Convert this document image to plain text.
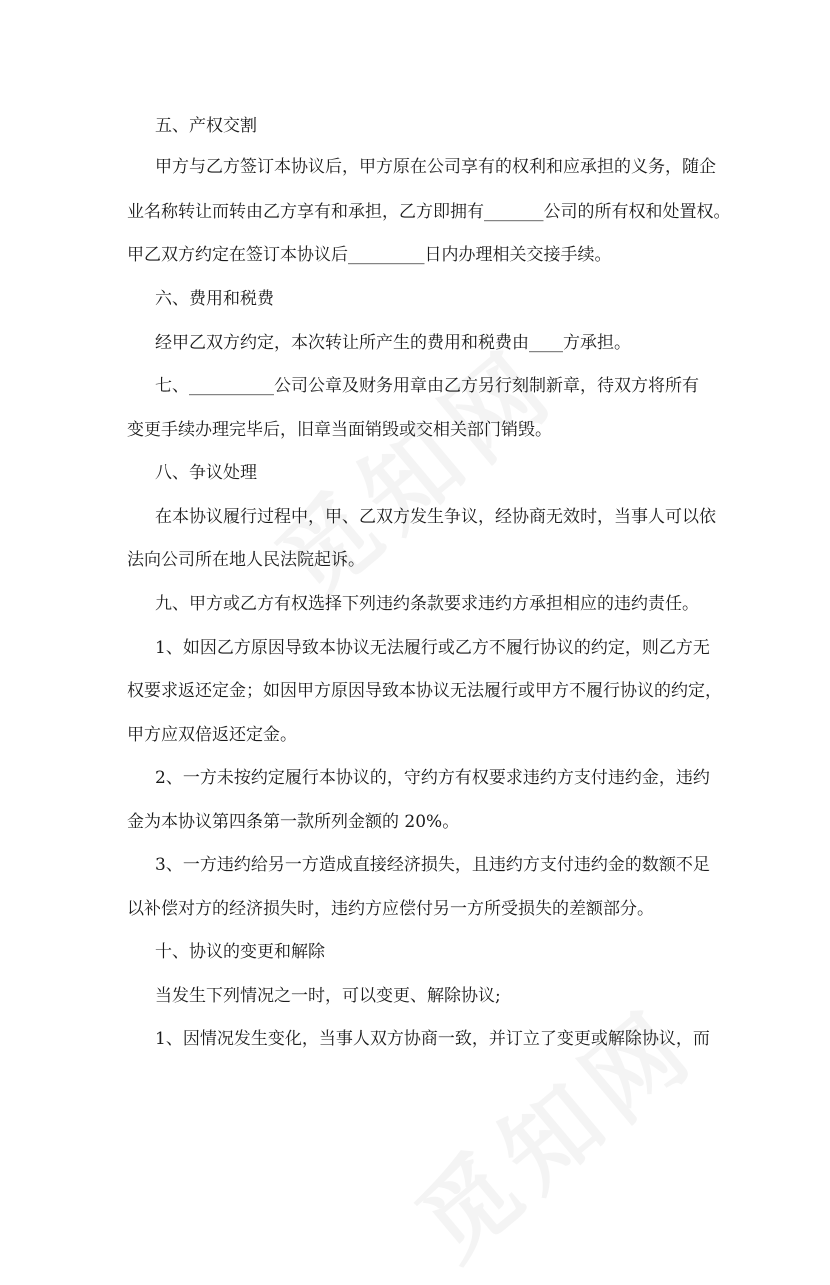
五、产权交割
甲方与乙方签订本协议后，甲方原在公司享有的权利和应承担的义务，随企
业名称转让而转由乙方享有和承担，乙方即拥有_______公司的所有权和处置权。
甲乙双方约定在签订本协议后_________日内办理相关交接手续。
六、费用和税费
经甲乙双方约定，本次转让所产生的费用和税费由____方承担。
七、__________公司公章及财务用章由乙方另行刻制新章，待双方将所有
变更手续办理完毕后，旧章当面销毁或交相关部门销毁。
八、争议处理
在本协议履行过程中，甲、乙双方发生争议，经协商无效时，当事人可以依
法向公司所在地人民法院起诉。
九、甲方或乙方有权选择下列违约条款要求违约方承担相应的违约责任。
1、如因乙方原因导致本协议无法履行或乙方不履行协议的约定，则乙方无
权要求返还定金；如因甲方原因导致本协议无法履行或甲方不履行协议的约定，
甲方应双倍返还定金。
2、一方未按约定履行本协议的，守约方有权要求违约方支付违约金，违约
金为本协议第四条第一款所列金额的 20%。
3、一方违约给另一方造成直接经济损失，且违约方支付违约金的数额不足
以补偿对方的经济损失时，违约方应偿付另一方所受损失的差额部分。
十、协议的变更和解除
当发生下列情况之一时，可以变更、解除协议;
1、因情况发生变化，当事人双方协商一致，并订立了变更或解除协议，而
